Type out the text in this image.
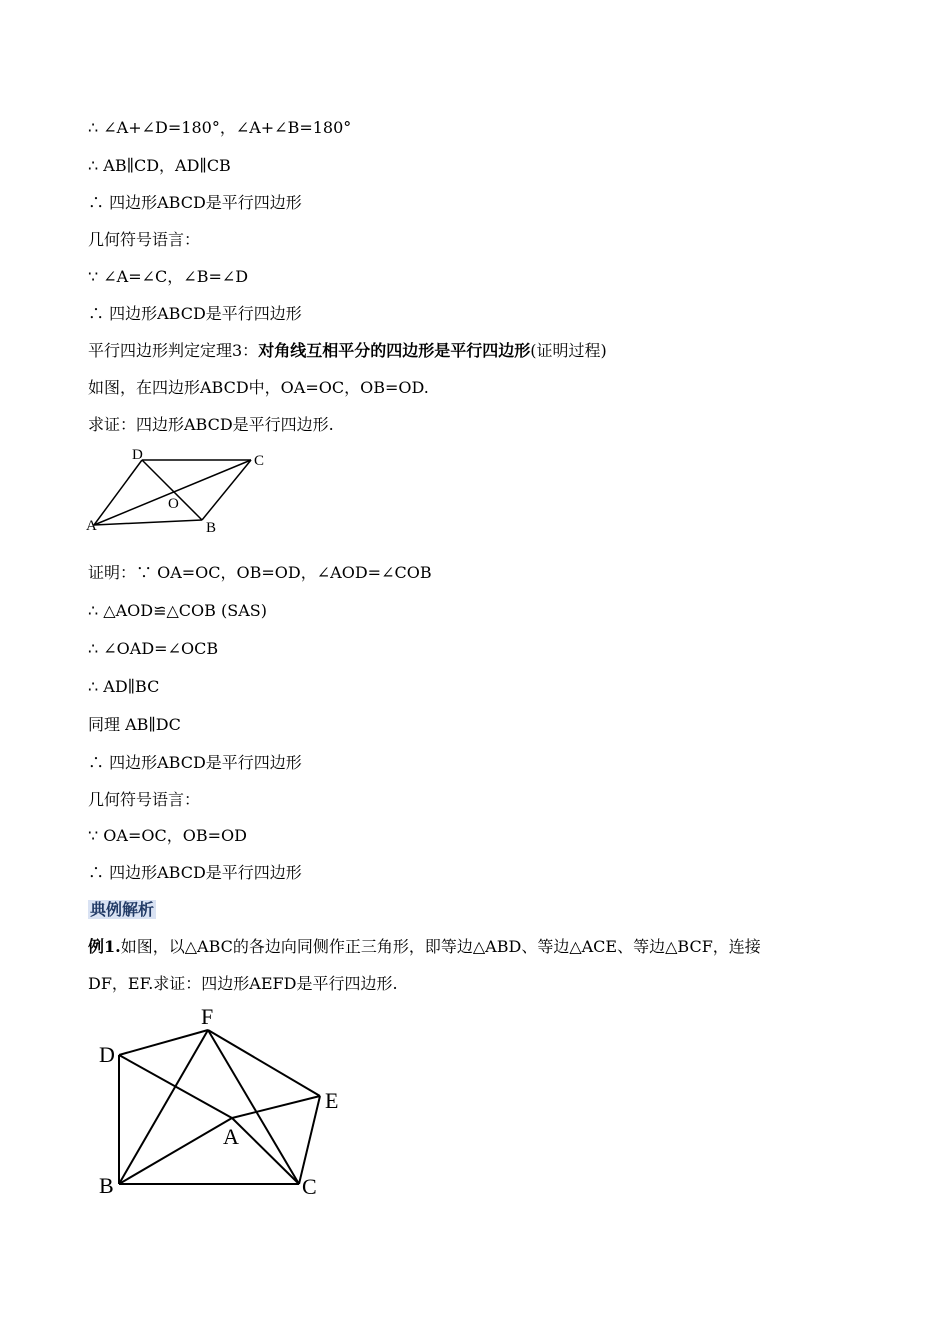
∴ ∠A+∠D=180°，∠A+∠B=180°
∴ AB∥CD，AD∥CB
∴ 四边形ABCD是平行四边形
几何符号语言：
∵ ∠A=∠C，∠B=∠D
∴ 四边形ABCD是平行四边形
平行四边形判定定理3：对角线互相平分的四边形是平行四边形(证明过程)
如图，在四边形ABCD中，OA=OC，OB=OD.
求证：四边形ABCD是平行四边形.
A	B
C
D
O
证明：∵ OA=OC，OB=OD，∠AOD=∠COB
∴ △AOD≌△COB (SAS)
∴ ∠OAD=∠OCB
∴ AD∥BC
同理 AB∥DC
∴ 四边形ABCD是平行四边形
几何符号语言：
∵ OA=OC，OB=OD
∴ 四边形ABCD是平行四边形
典例解析
例1.如图，以△ABC的各边向同侧作正三角形，即等边△ABD、等边△ACE、等边△BCF，连接
DF，EF.求证：四边形AEFD是平行四边形.
F
D
E
A
B	C
